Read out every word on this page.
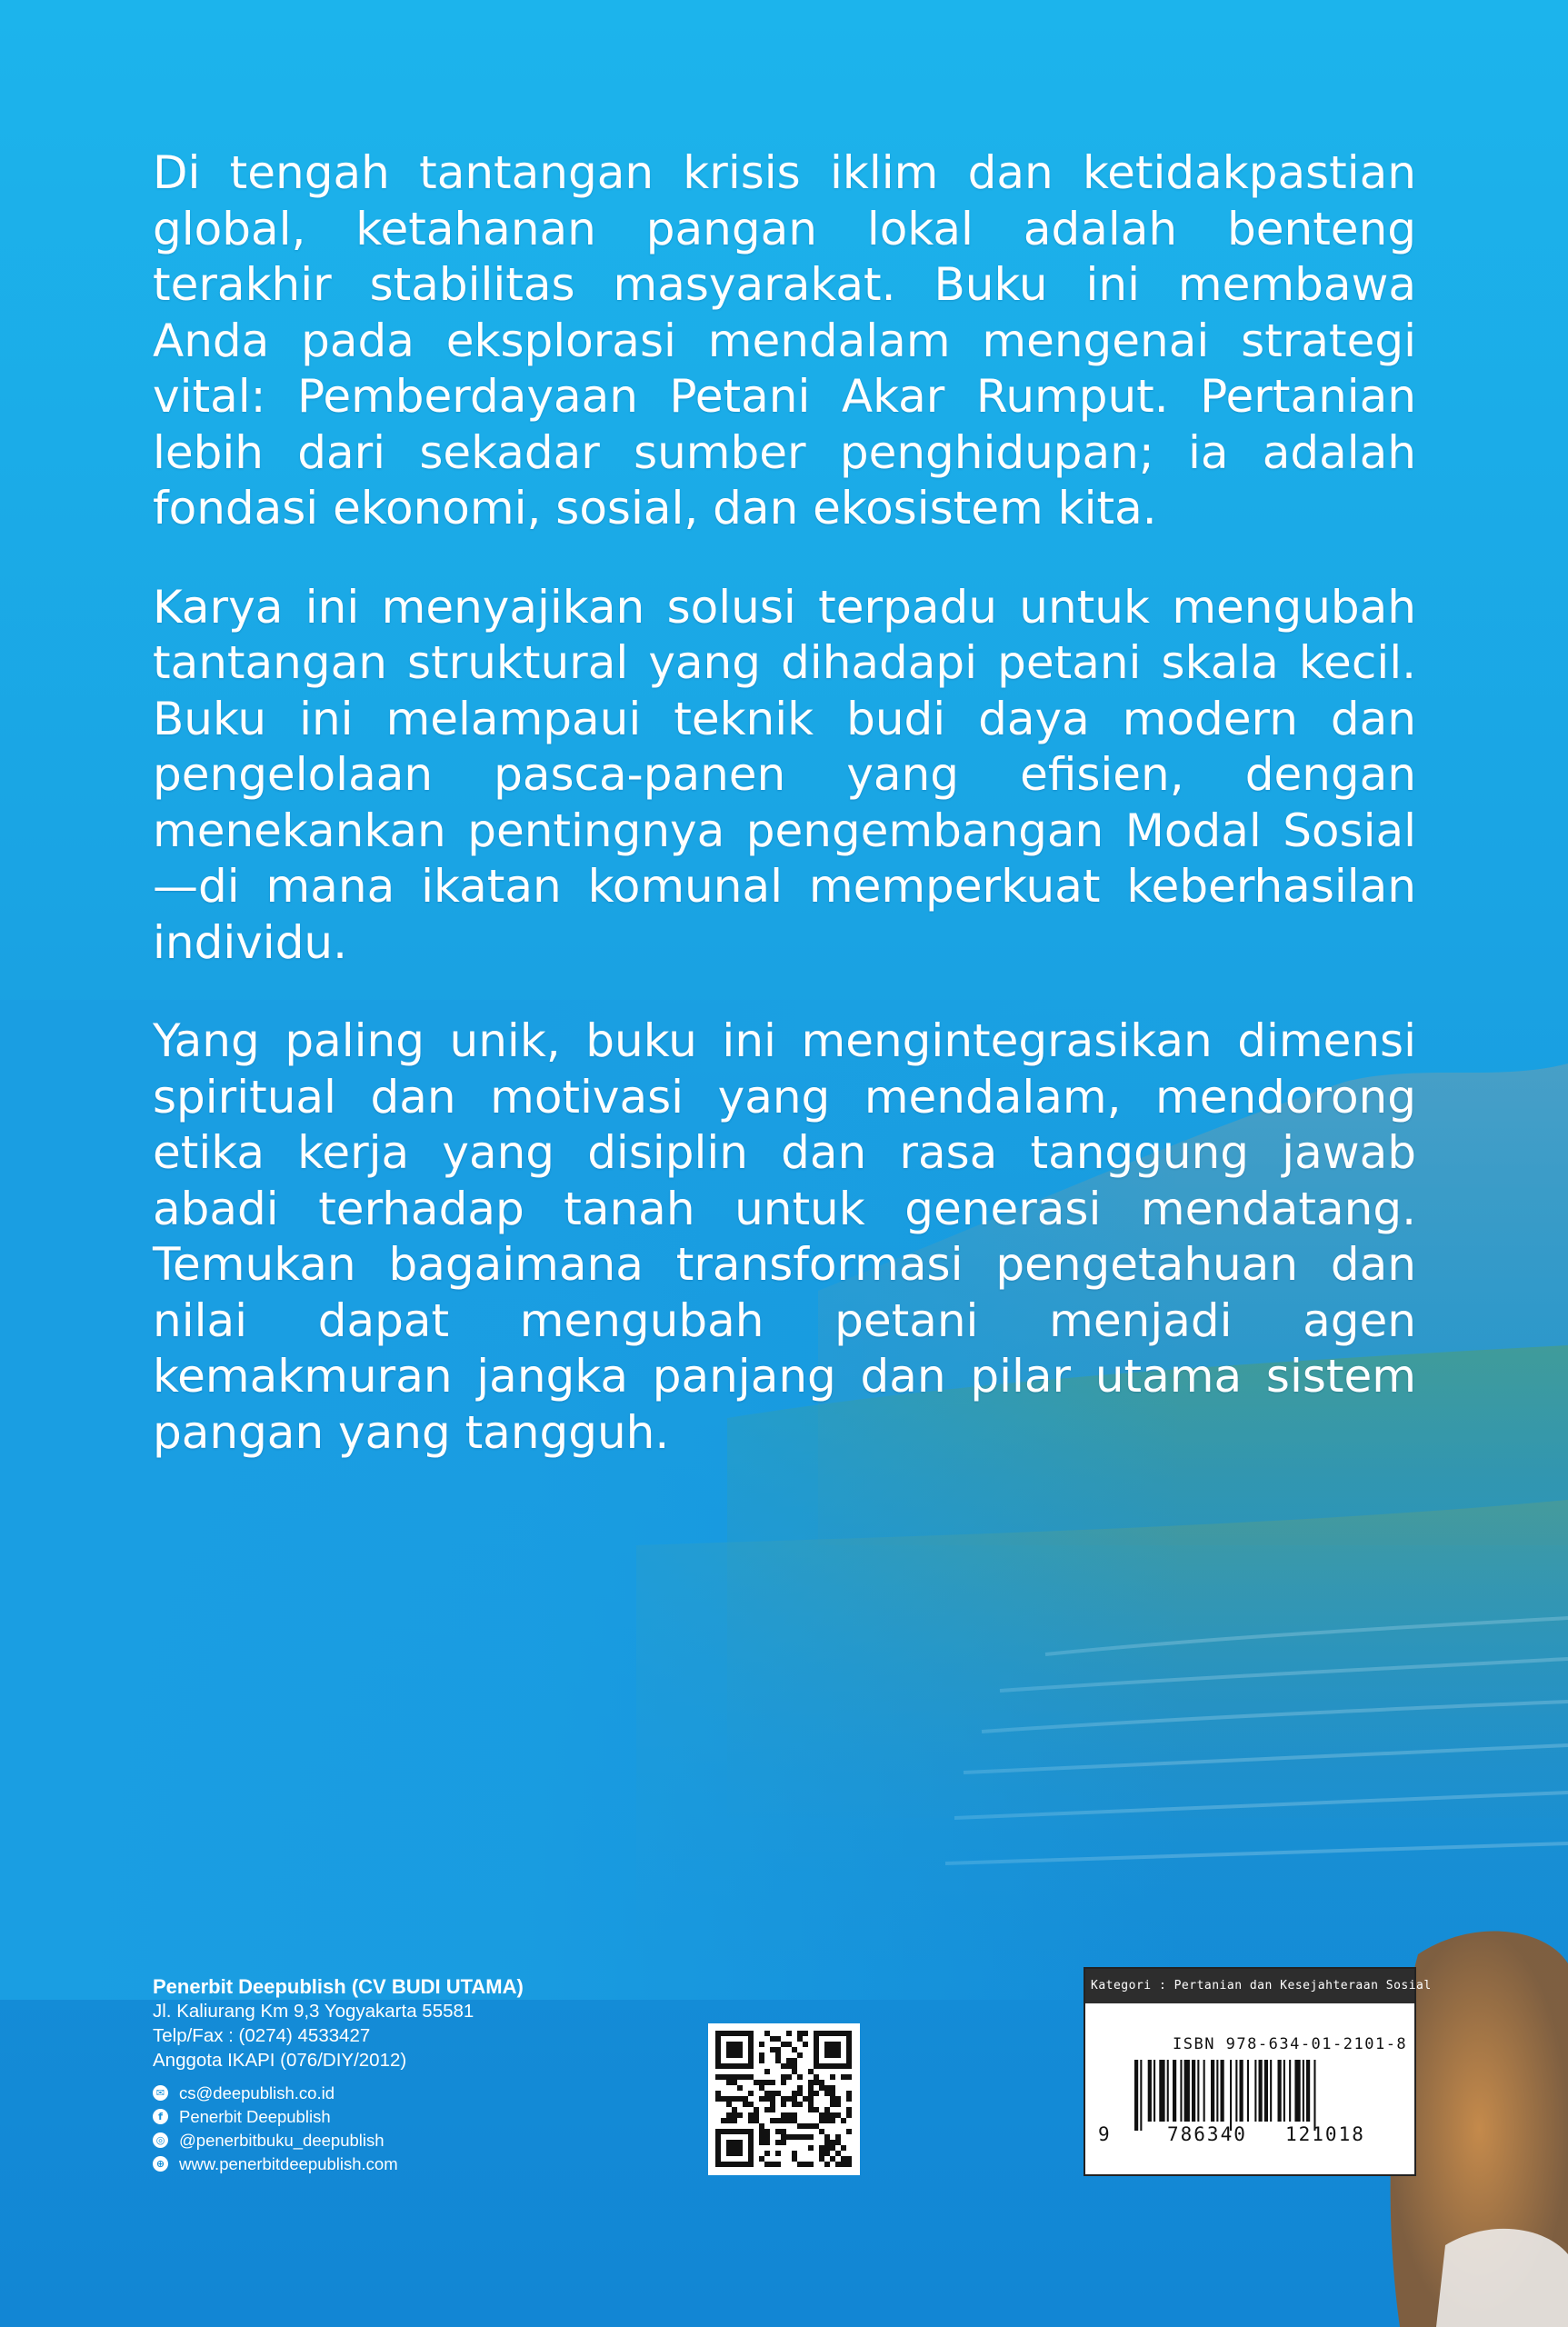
Di tengah tantangan krisis iklim dan ketidakpastian global, ketahanan pangan lokal adalah benteng terakhir stabilitas masyarakat. Buku ini membawa Anda pada eksplorasi mendalam mengenai strategi vital: Pemberdayaan Petani Akar Rumput. Pertanian lebih dari sekadar sumber penghidupan; ia adalah fondasi ekonomi, sosial, dan ekosistem kita.

Karya ini menyajikan solusi terpadu untuk mengubah tantangan struktural yang dihadapi petani skala kecil. Buku ini melampaui teknik budi daya modern dan pengelolaan pasca-panen yang efisien, dengan menekankan pentingnya pengembangan Modal Sosial—di mana ikatan komunal memperkuat keberhasilan individu.

Yang paling unik, buku ini mengintegrasikan dimensi spiritual dan motivasi yang mendalam, mendorong etika kerja yang disiplin dan rasa tanggung jawab abadi terhadap tanah untuk generasi mendatang. Temukan bagaimana transformasi pengetahuan dan nilai dapat mengubah petani menjadi agen kemakmuran jangka panjang dan pilar utama sistem pangan yang tangguh.

Penerbit Deepublish (CV BUDI UTAMA)
Jl. Kaliurang Km 9,3 Yogyakarta 55581
Telp/Fax : (0274) 4533427
Anggota IKAPI (076/DIY/2012)
✉ cs@deepublish.co.id
f Penerbit Deepublish
◎ @penerbitbuku_deepublish
⊕ www.penerbitdeepublish.com
Kategori : Pertanian dan Kesejahteraan Sosial
ISBN 978-634-01-2101-8
9	786340 121018
